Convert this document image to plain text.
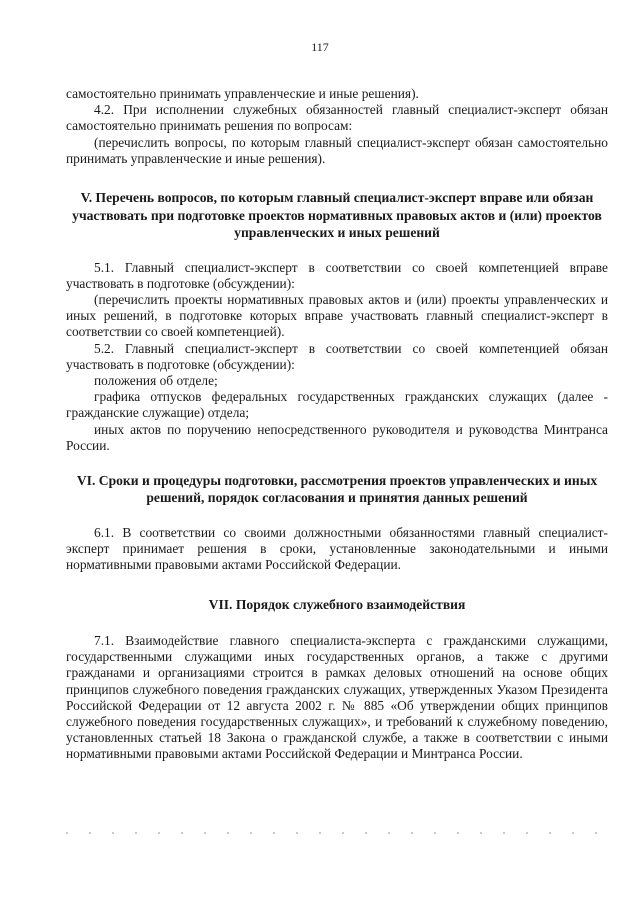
117

самостоятельно принимать управленческие и иные решения).

4.2. При исполнении служебных обязанностей главный специалист-эксперт обязан самостоятельно принимать решения по вопросам:

(перечислить вопросы, по которым главный специалист-эксперт обязан самостоятельно принимать управленческие и иные решения).

V. Перечень вопросов, по которым главный специалист-эксперт вправе или обязан участвовать при подготовке проектов нормативных правовых актов и (или) проектов управленческих и иных решений

5.1. Главный специалист-эксперт в соответствии со своей компетенцией вправе участвовать в подготовке (обсуждении):

(перечислить проекты нормативных правовых актов и (или) проекты управленческих и иных решений, в подготовке которых вправе участвовать главный специалист-эксперт в соответствии со своей компетенцией).

5.2. Главный специалист-эксперт в соответствии со своей компетенцией обязан участвовать в подготовке (обсуждении):

положения об отделе;

графика отпусков федеральных государственных гражданских служащих (далее - гражданские служащие) отдела;

иных актов по поручению непосредственного руководителя и руководства Минтранса России.

VI. Сроки и процедуры подготовки, рассмотрения проектов управленческих и иных решений, порядок согласования и принятия данных решений

6.1. В соответствии со своими должностными обязанностями главный специалист-эксперт принимает решения в сроки, установленные законодательными и иными нормативными правовыми актами Российской Федерации.

VII. Порядок служебного взаимодействия

7.1. Взаимодействие главного специалиста-эксперта с гражданскими служащими, государственными служащими иных государственных органов, а также с другими гражданами и организациями строится в рамках деловых отношений на основе общих принципов служебного поведения гражданских служащих, утвержденных Указом Президента Российской Федерации от 12 августа 2002 г. № 885 «Об утверждении общих принципов служебного поведения государственных служащих», и требований к служебному поведению, установленных статьей 18 Закона о гражданской службе, а также в соответствии с иными нормативными правовыми актами Российской Федерации и Минтранса России.
